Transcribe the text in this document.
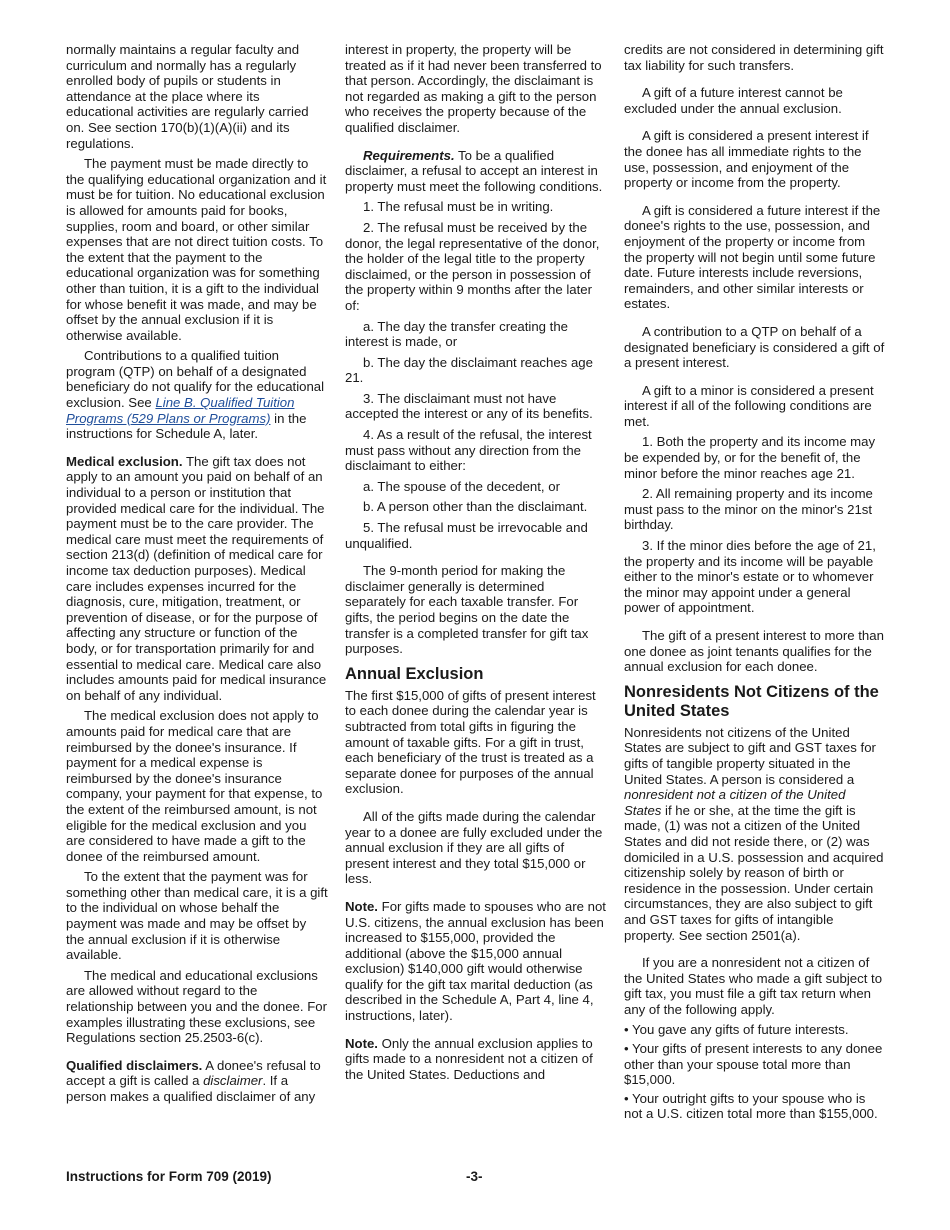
normally maintains a regular faculty and curriculum and normally has a regularly enrolled body of pupils or students in attendance at the place where its educational activities are regularly carried on. See section 170(b)(1)(A)(ii) and its regulations.

The payment must be made directly to the qualifying educational organization and it must be for tuition. No educational exclusion is allowed for amounts paid for books, supplies, room and board, or other similar expenses that are not direct tuition costs. To the extent that the payment to the educational organization was for something other than tuition, it is a gift to the individual for whose benefit it was made, and may be offset by the annual exclusion if it is otherwise available.

Contributions to a qualified tuition program (QTP) on behalf of a designated beneficiary do not qualify for the educational exclusion. See Line B. Qualified Tuition Programs (529 Plans or Programs) in the instructions for Schedule A, later.

Medical exclusion. The gift tax does not apply to an amount you paid on behalf of an individual to a person or institution that provided medical care for the individual. The payment must be to the care provider. The medical care must meet the requirements of section 213(d) (definition of medical care for income tax deduction purposes). Medical care includes expenses incurred for the diagnosis, cure, mitigation, treatment, or prevention of disease, or for the purpose of affecting any structure or function of the body, or for transportation primarily for and essential to medical care. Medical care also includes amounts paid for medical insurance on behalf of any individual.

The medical exclusion does not apply to amounts paid for medical care that are reimbursed by the donee's insurance. If payment for a medical expense is reimbursed by the donee's insurance company, your payment for that expense, to the extent of the reimbursed amount, is not eligible for the medical exclusion and you are considered to have made a gift to the donee of the reimbursed amount.

To the extent that the payment was for something other than medical care, it is a gift to the individual on whose behalf the payment was made and may be offset by the annual exclusion if it is otherwise available.

The medical and educational exclusions are allowed without regard to the relationship between you and the donee. For examples illustrating these exclusions, see Regulations section 25.2503-6(c).

Qualified disclaimers. A donee's refusal to accept a gift is called a disclaimer. If a person makes a qualified disclaimer of any

interest in property, the property will be treated as if it had never been transferred to that person. Accordingly, the disclaimant is not regarded as making a gift to the person who receives the property because of the qualified disclaimer.

Requirements. To be a qualified disclaimer, a refusal to accept an interest in property must meet the following conditions.

1. The refusal must be in writing.

2. The refusal must be received by the donor, the legal representative of the donor, the holder of the legal title to the property disclaimed, or the person in possession of the property within 9 months after the later of:

a. The day the transfer creating the interest is made, or

b. The day the disclaimant reaches age 21.

3. The disclaimant must not have accepted the interest or any of its benefits.

4. As a result of the refusal, the interest must pass without any direction from the disclaimant to either:

a. The spouse of the decedent, or

b. A person other than the disclaimant.

5. The refusal must be irrevocable and unqualified.

The 9-month period for making the disclaimer generally is determined separately for each taxable transfer. For gifts, the period begins on the date the transfer is a completed transfer for gift tax purposes.

Annual Exclusion

The first $15,000 of gifts of present interest to each donee during the calendar year is subtracted from total gifts in figuring the amount of taxable gifts. For a gift in trust, each beneficiary of the trust is treated as a separate donee for purposes of the annual exclusion.

All of the gifts made during the calendar year to a donee are fully excluded under the annual exclusion if they are all gifts of present interest and they total $15,000 or less.

Note. For gifts made to spouses who are not U.S. citizens, the annual exclusion has been increased to $155,000, provided the additional (above the $15,000 annual exclusion) $140,000 gift would otherwise qualify for the gift tax marital deduction (as described in the Schedule A, Part 4, line 4, instructions, later).

Note. Only the annual exclusion applies to gifts made to a nonresident not a citizen of the United States. Deductions and

credits are not considered in determining gift tax liability for such transfers.

A gift of a future interest cannot be excluded under the annual exclusion.

A gift is considered a present interest if the donee has all immediate rights to the use, possession, and enjoyment of the property or income from the property.

A gift is considered a future interest if the donee's rights to the use, possession, and enjoyment of the property or income from the property will not begin until some future date. Future interests include reversions, remainders, and other similar interests or estates.

A contribution to a QTP on behalf of a designated beneficiary is considered a gift of a present interest.

A gift to a minor is considered a present interest if all of the following conditions are met.

1. Both the property and its income may be expended by, or for the benefit of, the minor before the minor reaches age 21.

2. All remaining property and its income must pass to the minor on the minor's 21st birthday.

3. If the minor dies before the age of 21, the property and its income will be payable either to the minor's estate or to whomever the minor may appoint under a general power of appointment.

The gift of a present interest to more than one donee as joint tenants qualifies for the annual exclusion for each donee.

Nonresidents Not Citizens of the United States

Nonresidents not citizens of the United States are subject to gift and GST taxes for gifts of tangible property situated in the United States. A person is considered a nonresident not a citizen of the United States if he or she, at the time the gift is made, (1) was not a citizen of the United States and did not reside there, or (2) was domiciled in a U.S. possession and acquired citizenship solely by reason of birth or residence in the possession. Under certain circumstances, they are also subject to gift and GST taxes for gifts of intangible property. See section 2501(a).

If you are a nonresident not a citizen of the United States who made a gift subject to gift tax, you must file a gift tax return when any of the following apply.

• You gave any gifts of future interests.

• Your gifts of present interests to any donee other than your spouse total more than $15,000.

• Your outright gifts to your spouse who is not a U.S. citizen total more than $155,000.

Instructions for Form 709 (2019)	-3-
